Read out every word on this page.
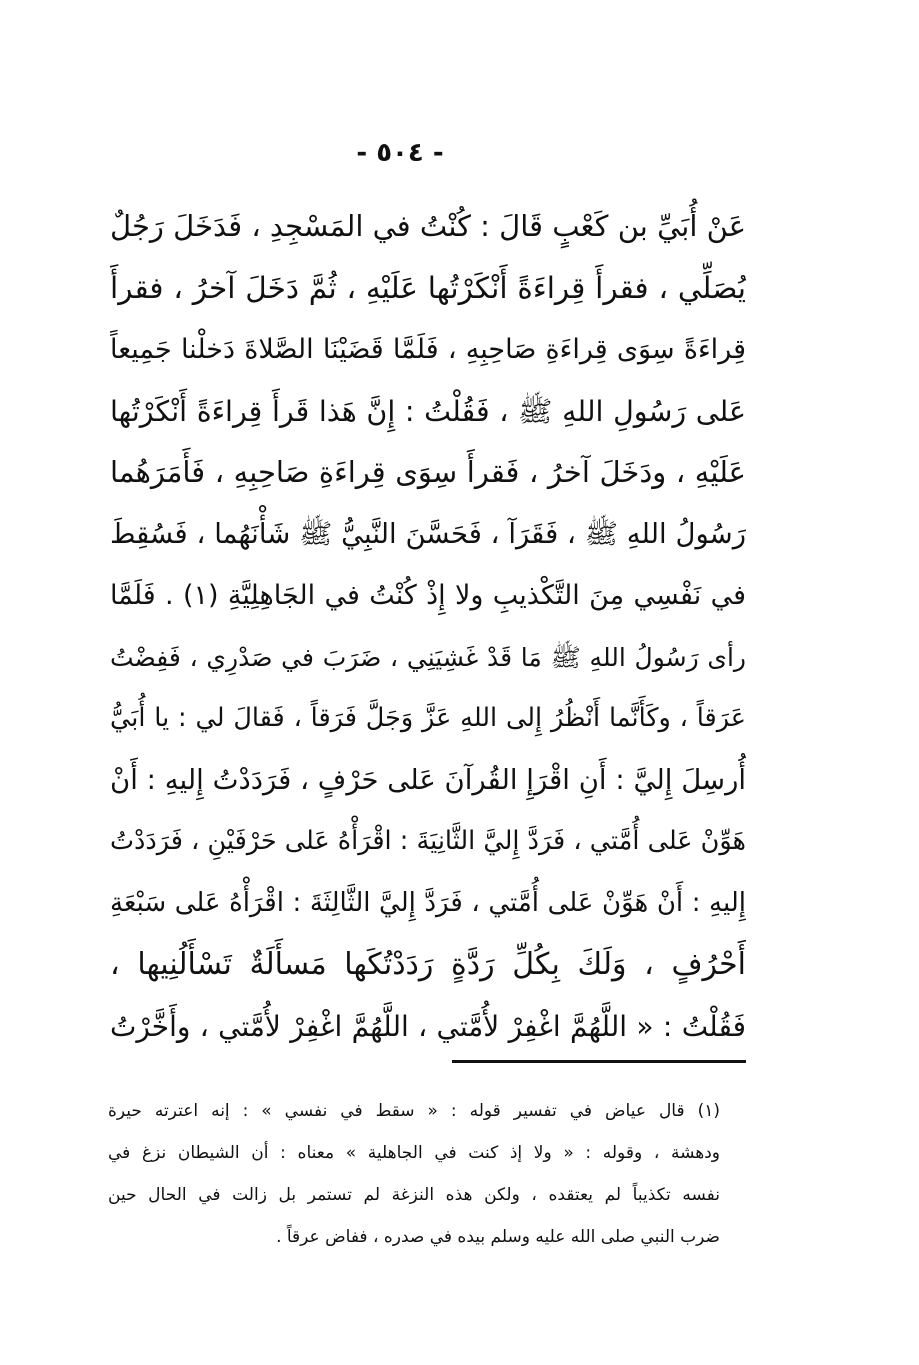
- ٥٠٤ -
عَنْ أُبَيِّ بن كَعْبٍ قَالَ : كُنْتُ في المَسْجِدِ ، فَدَخَلَ رَجُلٌ
يُصَلِّي ، فقرأَ قِراءَةً أَنْكَرْتُها عَلَيْهِ ، ثُمَّ دَخَلَ آخرُ ، فقرأَ
قِراءَةً سِوَى قِراءَةِ صَاحِبِهِ ، فَلَمَّا قَضَيْنَا الصَّلاةَ دَخلْنا جَمِيعاً
عَلى رَسُولِ اللهِ ﷺ ، فَقُلْتُ : إِنَّ هَذا قَرأَ قِراءَةً أَنْكَرْتُها
عَلَيْهِ ، ودَخَلَ آخرُ ، فَقرأَ سِوَى قِراءَةِ صَاحِبِهِ ، فَأَمَرَهُما
رَسُولُ اللهِ ﷺ ، فَقَرَآ ، فَحَسَّنَ النَّبِيُّ ﷺ شَأْنَهُما ، فَسُقِطَ
في نَفْسِي مِنَ التَّكْذيبِ ولا إِذْ كُنْتُ في الجَاهِلِيَّةِ (١) . فَلَمَّا
رأى رَسُولُ اللهِ ﷺ مَا قَدْ غَشِيَنِي ، ضَرَبَ في صَدْرِي ، فَفِضْتُ
عَرَقاً ، وكَأَنَّما أَنْظُرُ إِلى اللهِ عَزَّ وَجَلَّ فَرَقاً ، فَقالَ لي : يا أُبَيُّ
أُرسِلَ إِليَّ : أَنِ اقْرَإِ القُرآنَ عَلى حَرْفٍ ، فَرَدَدْتُ إِليهِ : أَنْ
هَوِّنْ عَلى أُمَّتي ، فَرَدَّ إِليَّ الثَّانِيَةَ : اقْرَأْهُ عَلى حَرْفَيْنِ ، فَرَدَدْتُ
إِليهِ : أَنْ هَوِّنْ عَلى أُمَّتي ، فَرَدَّ إِليَّ الثَّالِثَةَ : اقْرَأْهُ عَلى سَبْعَةِ
أَحْرُفٍ ، وَلَكَ بِكُلِّ رَدَّةٍ رَدَدْتُكَها مَسأَلَةٌ تَسْأَلُنِيها ،
فَقُلْتُ : « اللَّهُمَّ اغْفِرْ لأُمَّتي ، اللَّهُمَّ اغْفِرْ لأُمَّتي ، وأَخَّرْتُ
(١) قال عياض في تفسير قوله : « سقط في نفسي » : إنه اعترته حيرة
ودهشة ، وقوله : « ولا إذ كنت في الجاهلية » معناه : أن الشيطان نزغ في
نفسه تكذيباً لم يعتقده ، ولكن هذه النزغة لم تستمر بل زالت في الحال حين
ضرب النبي صلى الله عليه وسلم بيده في صدره ، ففاض عرقاً .
